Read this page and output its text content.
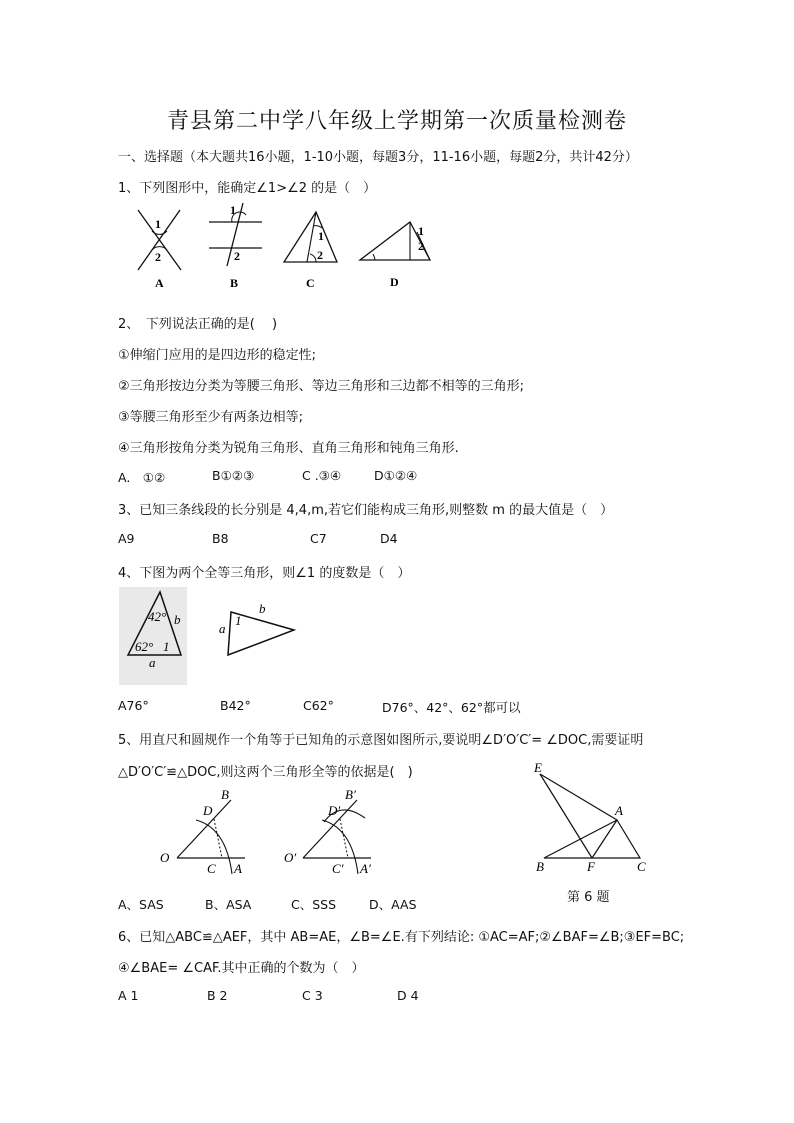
青县第二中学八年级上学期第一次质量检测卷
一、选择题（本大题共16小题，1-10小题，每题3分，11-16小题，每题2分，共计42分）
1、下列图形中，能确定∠1>∠2 的是（　）
1
2
1
2
1
2
1
2
A	B	C	D
2、　下列说法正确的是(　 )
①伸缩门应用的是四边形的稳定性;
②三角形按边分类为等腰三角形、等边三角形和三边都不相等的三角形;
③等腰三角形至少有两条边相等;
④三角形按角分类为锐角三角形、直角三角形和钝角三角形.
A.　①②	B①②③	C .③④	D①②④
3、已知三条线段的长分别是 4,4,m,若它们能构成三角形,则整数 m 的最大值是（　）
A9	B8	C7	D4
4、下图为两个全等三角形，则∠1 的度数是（　）
42°
62° 1
a
b
a
b
1
A76°	B42°	C62°	D76°、42°、62°都可以
5、用直尺和圆规作一个角等于已知角的示意图如图所示,要说明∠D′O′C′= ∠DOC,需要证明
△D′O′C′≌△DOC,则这两个三角形全等的依据是(　)
O
C A
B
D
O′
C′ A′
B′
D′
A、SAS	B、ASA	C、SSS	D、AAS
E
A
B	F	C
第 6 题
6、已知△ABC≌△AEF，其中 AB=AE，∠B=∠E.有下列结论: ①AC=AF;②∠BAF=∠B;③EF=BC;
④∠BAE= ∠CAF.其中正确的个数为（　）
A 1	B 2	C 3	D 4
